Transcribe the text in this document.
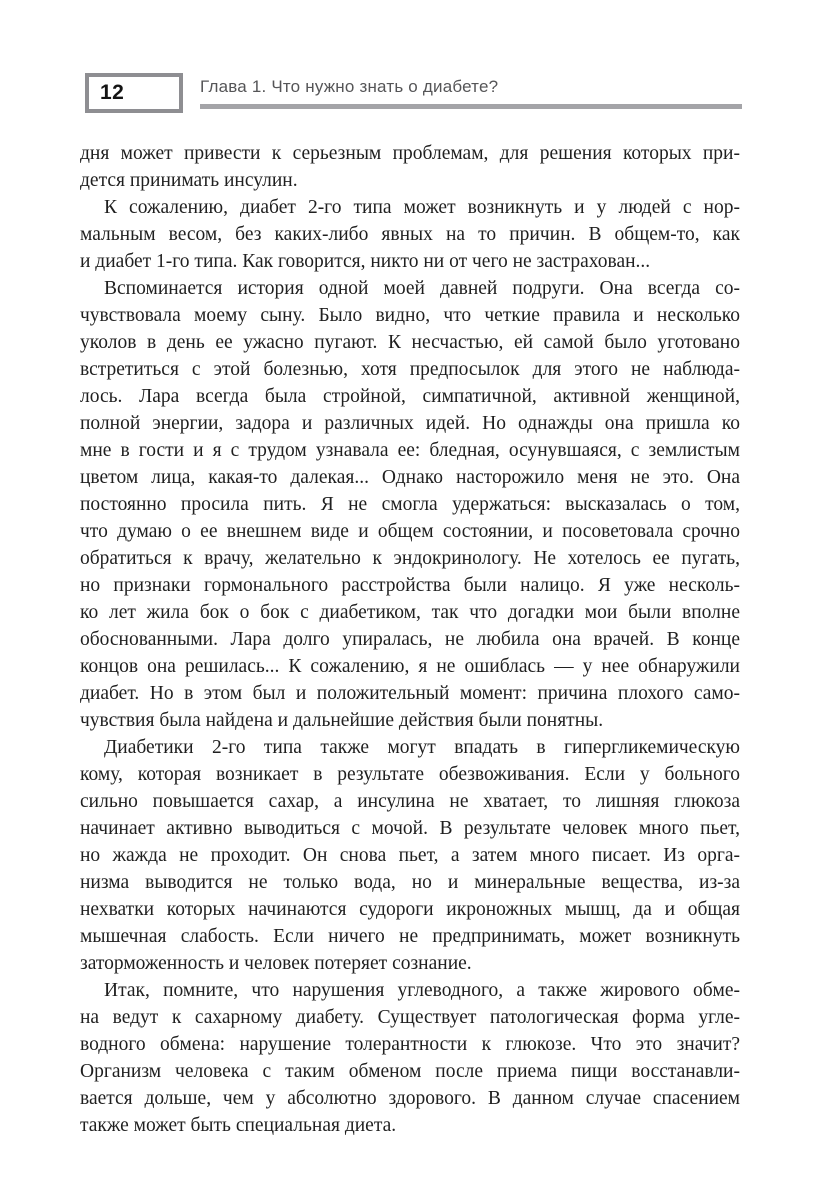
12	Глава 1. Что нужно знать о диабете?
дня может привести к серьезным проблемам, для решения которых при-
дется принимать инсулин.
К сожалению, диабет 2-го типа может возникнуть и у людей с нор-
мальным весом, без каких-либо явных на то причин. В общем-то, как
и диабет 1-го типа. Как говорится, никто ни от чего не застрахован...
Вспоминается история одной моей давней подруги. Она всегда со-
чувствовала моему сыну. Было видно, что четкие правила и несколько
уколов в день ее ужасно пугают. К несчастью, ей самой было уготовано
встретиться с этой болезнью, хотя предпосылок для этого не наблюда-
лось. Лара всегда была стройной, симпатичной, активной женщиной,
полной энергии, задора и различных идей. Но однажды она пришла ко
мне в гости и я с трудом узнавала ее: бледная, осунувшаяся, с землистым
цветом лица, какая-то далекая... Однако насторожило меня не это. Она
постоянно просила пить. Я не смогла удержаться: высказалась о том,
что думаю о ее внешнем виде и общем состоянии, и посоветовала срочно
обратиться к врачу, желательно к эндокринологу. Не хотелось ее пугать,
но признаки гормонального расстройства были налицо. Я уже несколь-
ко лет жила бок о бок с диабетиком, так что догадки мои были вполне
обоснованными. Лара долго упиралась, не любила она врачей. В конце
концов она решилась... К сожалению, я не ошиблась — у нее обнаружили
диабет. Но в этом был и положительный момент: причина плохого само-
чувствия была найдена и дальнейшие действия были понятны.
Диабетики 2-го типа также могут впадать в гипергликемическую
кому, которая возникает в результате обезвоживания. Если у больного
сильно повышается сахар, а инсулина не хватает, то лишняя глюкоза
начинает активно выводиться с мочой. В результате человек много пьет,
но жажда не проходит. Он снова пьет, а затем много писает. Из орга-
низма выводится не только вода, но и минеральные вещества, из-за
нехватки которых начинаются судороги икроножных мышц, да и общая
мышечная слабость. Если ничего не предпринимать, может возникнуть
заторможенность и человек потеряет сознание.
Итак, помните, что нарушения углеводного, а также жирового обме-
на ведут к сахарному диабету. Существует патологическая форма угле-
водного обмена: нарушение толерантности к глюкозе. Что это значит?
Организм человека с таким обменом после приема пищи восстанавли-
вается дольше, чем у абсолютно здорового. В данном случае спасением
также может быть специальная диета.
